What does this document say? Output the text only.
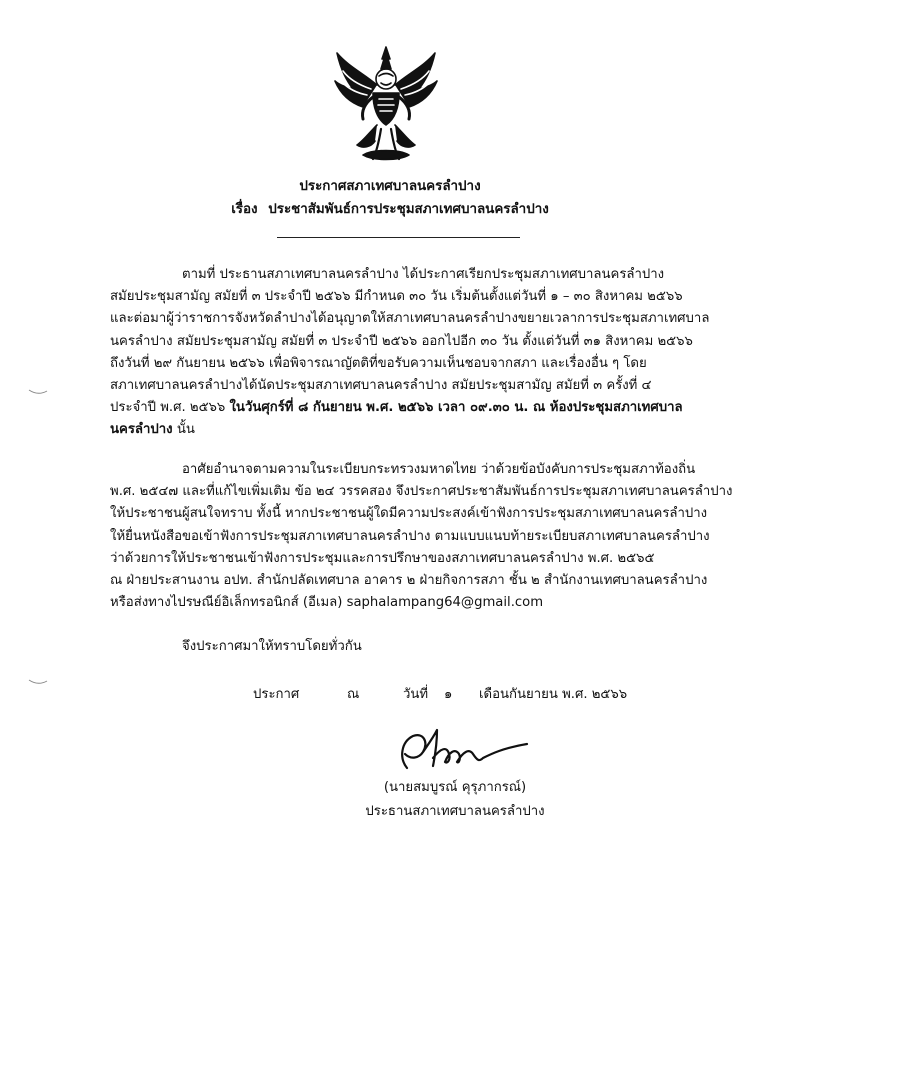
ประกาศสภาเทศบาลนครลำปาง
เรื่อง ประชาสัมพันธ์การประชุมสภาเทศบาลนครลำปาง
ตามที่ ประธานสภาเทศบาลนครลำปาง ได้ประกาศเรียกประชุมสภาเทศบาลนครลำปาง
สมัยประชุมสามัญ สมัยที่ ๓ ประจำปี ๒๕๖๖ มีกำหนด ๓๐ วัน เริ่มต้นตั้งแต่วันที่ ๑ – ๓๐ สิงหาคม ๒๕๖๖
และต่อมาผู้ว่าราชการจังหวัดลำปางได้อนุญาตให้สภาเทศบาลนครลำปางขยายเวลาการประชุมสภาเทศบาล
นครลำปาง สมัยประชุมสามัญ สมัยที่ ๓ ประจำปี ๒๕๖๖ ออกไปอีก ๓๐ วัน ตั้งแต่วันที่ ๓๑ สิงหาคม ๒๕๖๖
ถึงวันที่ ๒๙ กันยายน ๒๕๖๖ เพื่อพิจารณาญัตติที่ขอรับความเห็นชอบจากสภา และเรื่องอื่น ๆ โดย
สภาเทศบาลนครลำปางได้นัดประชุมสภาเทศบาลนครลำปาง สมัยประชุมสามัญ สมัยที่ ๓ ครั้งที่ ๔
ประจำปี พ.ศ. ๒๕๖๖ ในวันศุกร์ที่ ๘ กันยายน พ.ศ. ๒๕๖๖ เวลา ๐๙.๓๐ น. ณ ห้องประชุมสภาเทศบาล
นครลำปาง นั้น
อาศัยอำนาจตามความในระเบียบกระทรวงมหาดไทย ว่าด้วยข้อบังคับการประชุมสภาท้องถิ่น
พ.ศ. ๒๕๔๗ และที่แก้ไขเพิ่มเติม ข้อ ๒๔ วรรคสอง จึงประกาศประชาสัมพันธ์การประชุมสภาเทศบาลนครลำปาง
ให้ประชาชนผู้สนใจทราบ ทั้งนี้ หากประชาชนผู้ใดมีความประสงค์เข้าฟังการประชุมสภาเทศบาลนครลำปาง
ให้ยื่นหนังสือขอเข้าฟังการประชุมสภาเทศบาลนครลำปาง ตามแบบแนบท้ายระเบียบสภาเทศบาลนครลำปาง
ว่าด้วยการให้ประชาชนเข้าฟังการประชุมและการปรึกษาของสภาเทศบาลนครลำปาง พ.ศ. ๒๕๖๕
ณ ฝ่ายประสานงาน อปท. สำนักปลัดเทศบาล อาคาร ๒ ฝ่ายกิจการสภา ชั้น ๒ สำนักงานเทศบาลนครลำปาง
หรือส่งทางไปรษณีย์อิเล็กทรอนิกส์ (อีเมล) saphalampang64@gmail.com
จึงประกาศมาให้ทราบโดยทั่วกัน
ประกาศ	ณ	วันที่ ๑ เดือนกันยายน พ.ศ. ๒๕๖๖
(นายสมบูรณ์ คุรุภากรณ์)
ประธานสภาเทศบาลนครลำปาง
